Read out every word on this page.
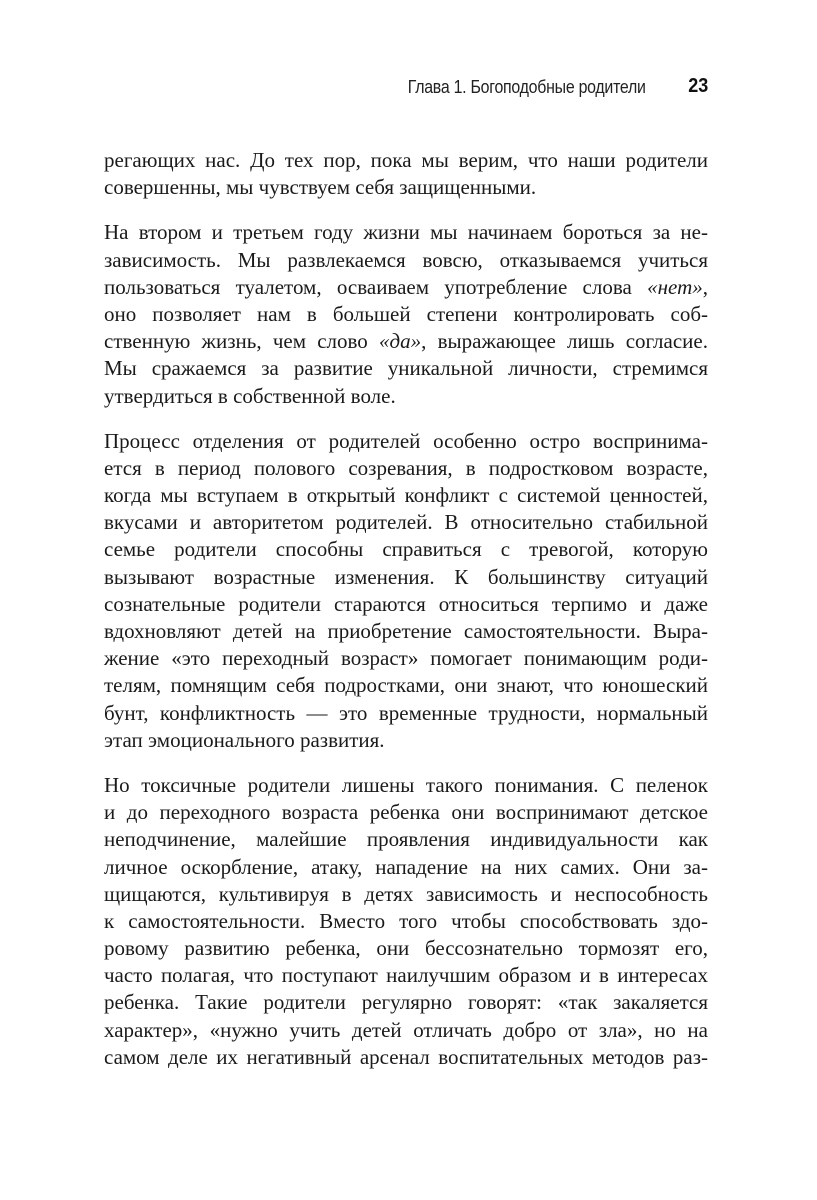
Глава 1. Богоподобные родители 23
регающих нас. До тех пор, пока мы верим, что наши родители
совершенны, мы чувствуем себя защищенными.
На втором и третьем году жизни мы начинаем бороться за не-
зависимость. Мы развлекаемся вовсю, отказываемся учиться
пользоваться туалетом, осваиваем употребление слова «нет»,
оно позволяет нам в большей степени контролировать соб-
ственную жизнь, чем слово «да», выражающее лишь согласие.
Мы сражаемся за развитие уникальной личности, стремимся
утвердиться в собственной воле.
Процесс отделения от родителей особенно остро воспринима-
ется в период полового созревания, в подростковом возрасте,
когда мы вступаем в открытый конфликт с системой ценностей,
вкусами и авторитетом родителей. В относительно стабильной
семье родители способны справиться с тревогой, которую
вызывают возрастные изменения. К большинству ситуаций
сознательные родители стараются относиться терпимо и даже
вдохновляют детей на приобретение самостоятельности. Выра-
жение «это переходный возраст» помогает понимающим роди-
телям, помнящим себя подростками, они знают, что юношеский
бунт, конфликтность — это временные трудности, нормальный
этап эмоционального развития.
Но токсичные родители лишены такого понимания. С пеленок
и до переходного возраста ребенка они воспринимают детское
неподчинение, малейшие проявления индивидуальности как
личное оскорбление, атаку, нападение на них самих. Они за-
щищаются, культивируя в детях зависимость и неспособность
к самостоятельности. Вместо того чтобы способствовать здо-
ровому развитию ребенка, они бессознательно тормозят его,
часто полагая, что поступают наилучшим образом и в интересах
ребенка. Такие родители регулярно говорят: «так закаляется
характер», «нужно учить детей отличать добро от зла», но на
самом деле их негативный арсенал воспитательных методов раз-
